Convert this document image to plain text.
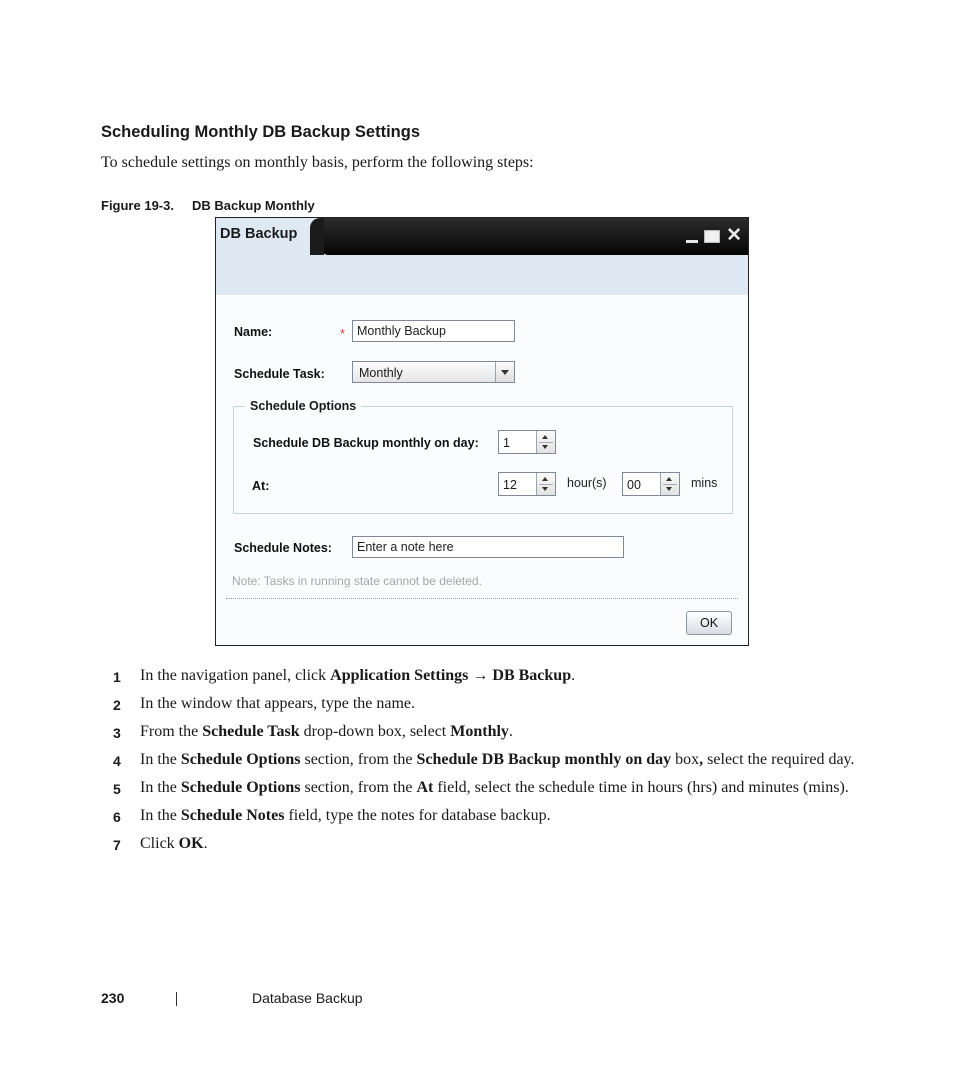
Scheduling Monthly DB Backup Settings
To schedule settings on monthly basis, perform the following steps:
Figure 19-3. DB Backup Monthly
DB Backup	✕
Name:	* Monthly Backup
Schedule Task:	Monthly
Schedule Options
Schedule DB Backup monthly on day: 1
At:	12	hour(s) 00	mins
Schedule Notes:	Enter a note here
Note: Tasks in running state cannot be deleted.
OK
1 In the navigation panel, click Application Settings → DB Backup.
2 In the window that appears, type the name.
3 From the Schedule Task drop-down box, select Monthly.
4 In the Schedule Options section, from the Schedule DB Backup monthly on day box, select the required day.
5 In the Schedule Options section, from the At field, select the schedule time in hours (hrs) and minutes (mins).
6 In the Schedule Notes field, type the notes for database backup.
7 Click OK.
230	Database Backup
